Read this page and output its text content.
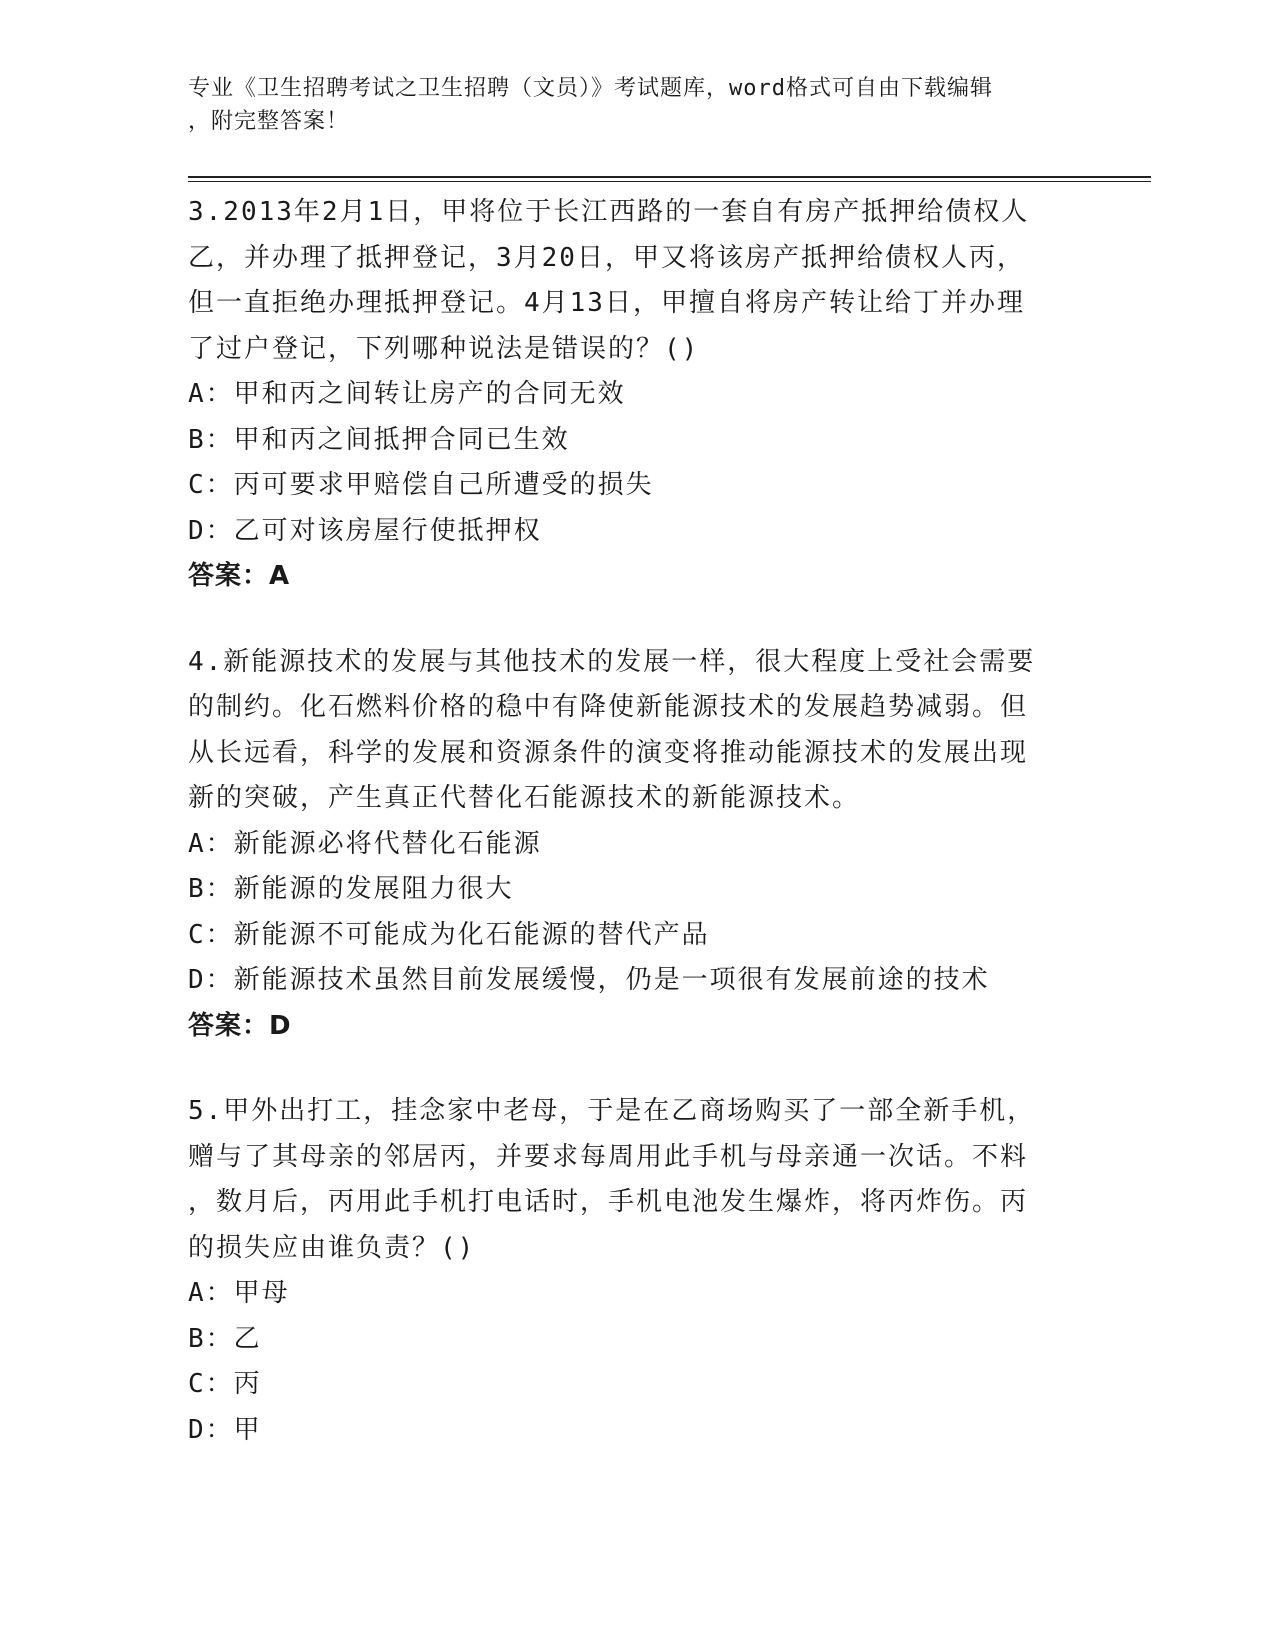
专业《卫生招聘考试之卫生招聘（文员）》考试题库，word格式可自由下载编辑
，附完整答案！
3.2013年2月1日，甲将位于长江西路的一套自有房产抵押给债权人
乙，并办理了抵押登记，3月20日，甲又将该房产抵押给债权人丙，
但一直拒绝办理抵押登记。4月13日，甲擅自将房产转让给丁并办理
了过户登记，下列哪种说法是错误的？()
A：甲和丙之间转让房产的合同无效
B：甲和丙之间抵押合同已生效
C：丙可要求甲赔偿自己所遭受的损失
D：乙可对该房屋行使抵押权
答案：A
4.新能源技术的发展与其他技术的发展一样，很大程度上受社会需要
的制约。化石燃料价格的稳中有降使新能源技术的发展趋势减弱。但
从长远看，科学的发展和资源条件的演变将推动能源技术的发展出现
新的突破，产生真正代替化石能源技术的新能源技术。
A：新能源必将代替化石能源
B：新能源的发展阻力很大
C：新能源不可能成为化石能源的替代产品
D：新能源技术虽然目前发展缓慢，仍是一项很有发展前途的技术
答案：D
5.甲外出打工，挂念家中老母，于是在乙商场购买了一部全新手机，
赠与了其母亲的邻居丙，并要求每周用此手机与母亲通一次话。不料
，数月后，丙用此手机打电话时，手机电池发生爆炸，将丙炸伤。丙
的损失应由谁负责？()
A：甲母
B：乙
C：丙
D：甲
